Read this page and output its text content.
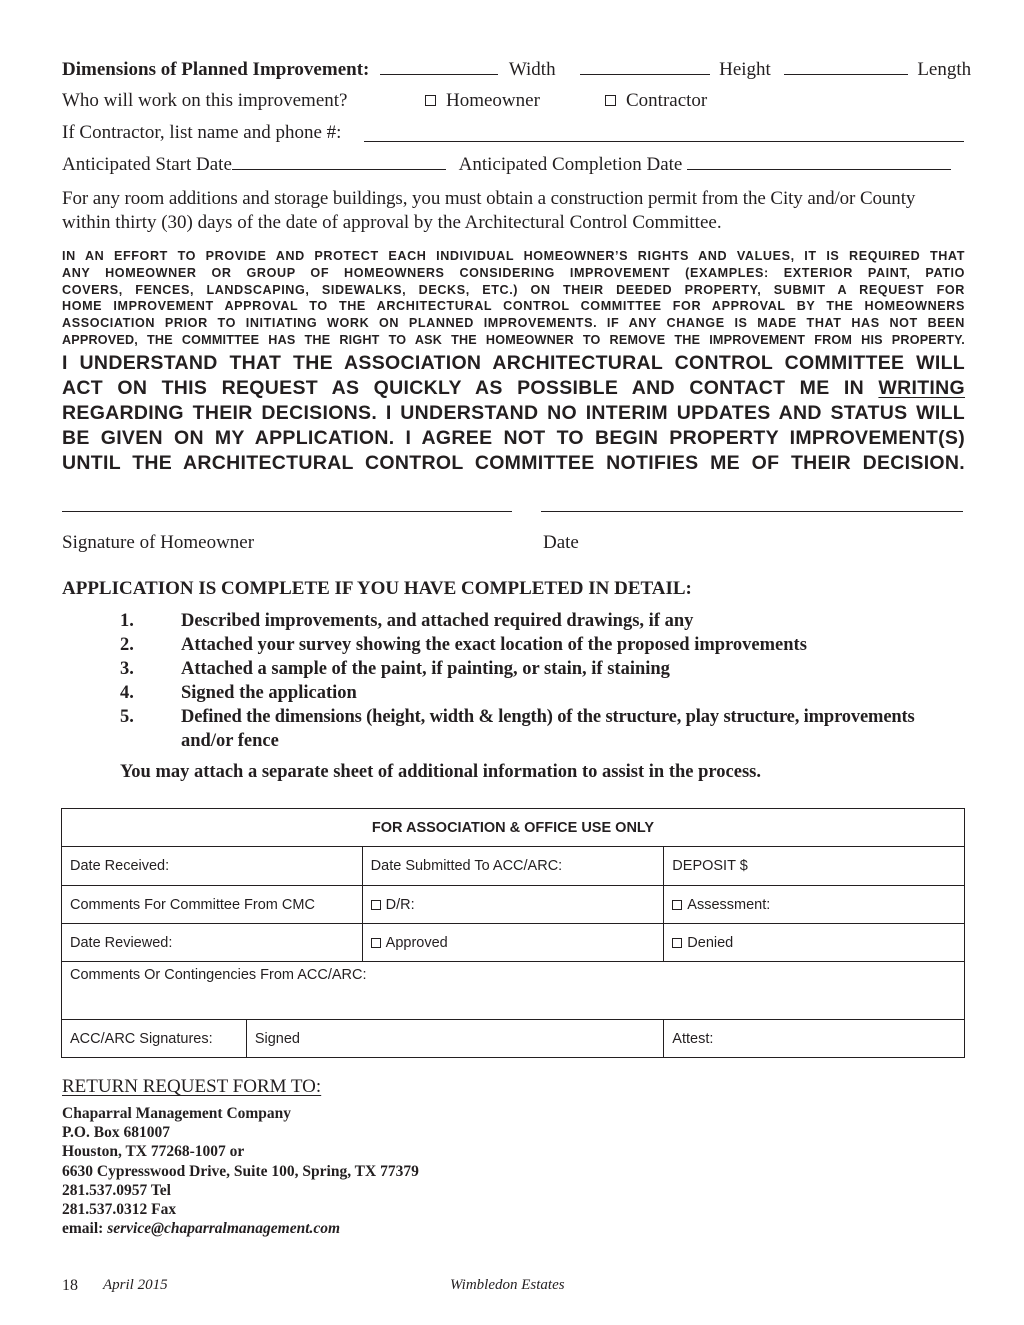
Dimensions of Planned Improvement:	Width	Height	Length
Who will work on this improvement?	Homeowner	Contractor
If Contractor, list name and phone #:
Anticipated Start Date	Anticipated Completion Date
For any room additions and storage buildings, you must obtain a construction permit from the City and/or County
within thirty (30) days of the date of approval by the Architectural Control Committee.
IN AN EFFORT TO PROVIDE AND PROTECT EACH INDIVIDUAL HOMEOWNER’S RIGHTS AND VALUES, IT IS REQUIRED THAT
ANY HOMEOWNER OR GROUP OF HOMEOWNERS CONSIDERING IMPROVEMENT (EXAMPLES: EXTERIOR PAINT, PATIO
COVERS, FENCES, LANDSCAPING, SIDEWALKS, DECKS, ETC.) ON THEIR DEEDED PROPERTY, SUBMIT A REQUEST FOR
HOME IMPROVEMENT APPROVAL TO THE ARCHITECTURAL CONTROL COMMITTEE FOR APPROVAL BY THE HOMEOWNERS
ASSOCIATION PRIOR TO INITIATING WORK ON PLANNED IMPROVEMENTS. IF ANY CHANGE IS MADE THAT HAS NOT BEEN
APPROVED, THE COMMITTEE HAS THE RIGHT TO ASK THE HOMEOWNER TO REMOVE THE IMPROVEMENT FROM HIS PROPERTY.
I UNDERSTAND THAT THE ASSOCIATION ARCHITECTURAL CONTROL COMMITTEE WILL
ACT ON THIS REQUEST AS QUICKLY AS POSSIBLE AND CONTACT ME IN WRITING
REGARDING THEIR DECISIONS. I UNDERSTAND NO INTERIM UPDATES AND STATUS WILL
BE GIVEN ON MY APPLICATION. I AGREE NOT TO BEGIN PROPERTY IMPROVEMENT(S)
UNTIL THE ARCHITECTURAL CONTROL COMMITTEE NOTIFIES ME OF THEIR DECISION.
Signature of Homeowner	Date
APPLICATION IS COMPLETE IF YOU HAVE COMPLETED IN DETAIL:
1.	Described improvements, and attached required drawings, if any
2.	Attached your survey showing the exact location of the proposed improvements
3.	Attached a sample of the paint, if painting, or stain, if staining
4.	Signed the application
5.	Defined the dimensions (height, width & length) of the structure, play structure, improvements
and/or fence
You may attach a separate sheet of additional information to assist in the process.
FOR ASSOCIATION & OFFICE USE ONLY			
Date Received:		Date Submitted To ACC/ARC:	DEPOSIT $
Comments For Committee From CMC		D/R:	Assessment:
Date Reviewed:		Approved	Denied
Comments Or Contingencies From ACC/ARC:			
ACC/ARC Signatures:	Signed		Attest:
RETURN REQUEST FORM TO:
Chaparral Management Company
P.O. Box 681007
Houston, TX 77268-1007 or
6630 Cypresswood Drive, Suite 100, Spring, TX 77379
281.537.0957 Tel
281.537.0312 Fax
email: service@chaparralmanagement.com
18 April 2015	Wimbledon Estates
